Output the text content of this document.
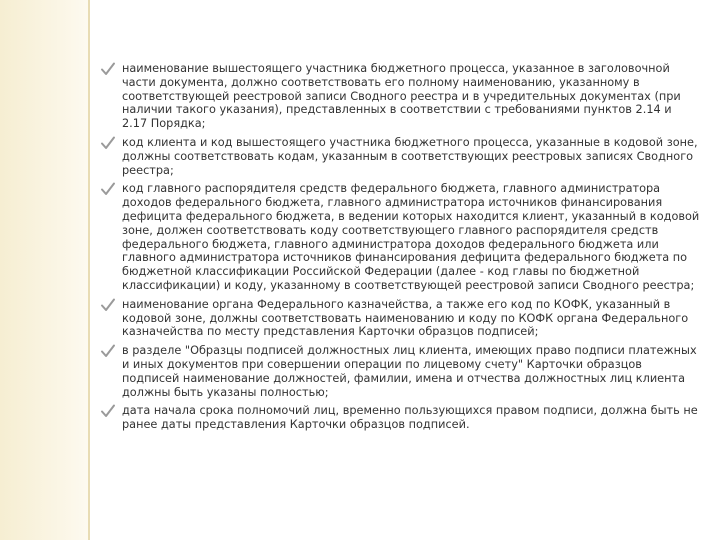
наименование вышестоящего участника бюджетного процесса, указанное в заголовочной части документа, должно соответствовать его полному наименованию, указанному в соответствующей реестровой записи Сводного реестра и в учредительных документах (при наличии такого указания), представленных в соответствии с требованиями пунктов 2.14 и 2.17 Порядка;
код клиента и код вышестоящего участника бюджетного процесса, указанные в кодовой зоне, должны соответствовать кодам, указанным в соответствующих реестровых записях Сводного реестра;
код главного распорядителя средств федерального бюджета, главного администратора доходов федерального бюджета, главного администратора источников финансирования дефицита федерального бюджета, в ведении которых находится клиент, указанный в кодовой зоне, должен соответствовать коду соответствующего главного распорядителя средств федерального бюджета, главного администратора доходов федерального бюджета или главного администратора источников финансирования дефицита федерального бюджета по бюджетной классификации Российской Федерации (далее - код главы по бюджетной классификации) и коду, указанному в соответствующей реестровой записи Сводного реестра;
наименование органа Федерального казначейства, а также его код по КОФК, указанный в кодовой зоне, должны соответствовать наименованию и коду по КОФК органа Федерального казначейства по месту представления Карточки образцов подписей;
в разделе "Образцы подписей должностных лиц клиента, имеющих право подписи платежных и иных документов при совершении операции по лицевому счету" Карточки образцов подписей наименование должностей, фамилии, имена и отчества должностных лиц клиента должны быть указаны полностью;
дата начала срока полномочий лиц, временно пользующихся правом подписи, должна быть не ранее даты представления Карточки образцов подписей.
